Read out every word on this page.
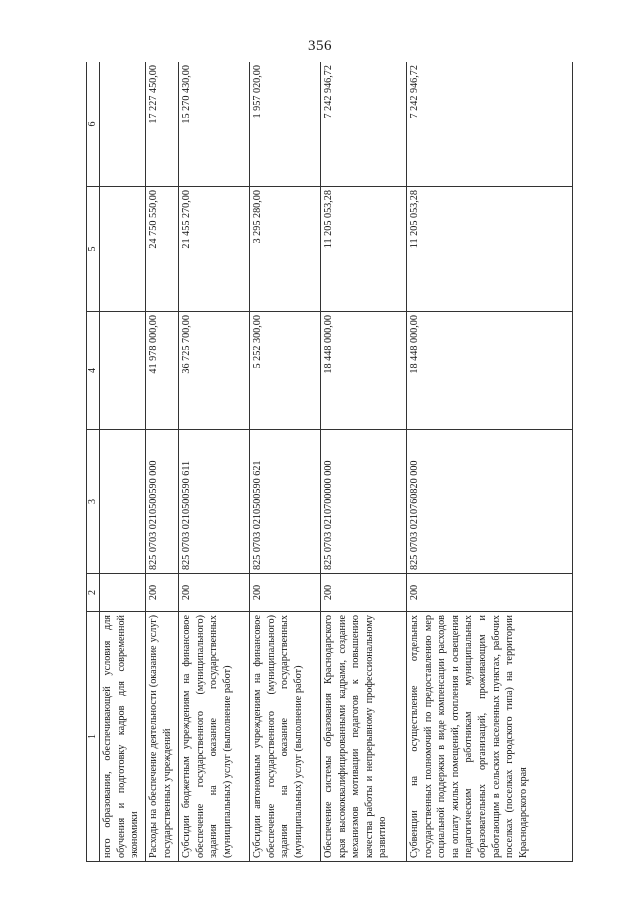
356
1	2	3	4	5	6
ного образования, обеспечивающей условия для обучения и подготовку кадров для современной экономики					
Расходы на обеспечение деятельности (оказание услуг) государственных учреждений	200	825 0703 0210500590 000	41 978 000,00	24 750 550,00	17 227 450,00
Субсидии бюджетным учреждениям на финансовое обеспечение государственного (муниципального) задания на оказание государственных (муниципальных) услуг (выполнение работ)	200	825 0703 0210500590 611	36 725 700,00	21 455 270,00	15 270 430,00
Субсидии автономным учреждениям на финансовое обеспечение государственного (муниципального) задания на оказание государственных (муниципальных) услуг (выполнение работ)	200	825 0703 0210500590 621	5 252 300,00	3 295 280,00	1 957 020,00
Обеспечение системы образования Краснодарского края высококвалифицированными кадрами, создание механизмов мотивации педагогов к повышению качества работы и непрерывному профессиональному развитию	200	825 0703 0210700000 000	18 448 000,00	11 205 053,28	7 242 946,72
Субвенции на осуществление отдельных государственных полномочий по предоставлению мер социальной поддержки в виде компенсации расходов на оплату жилых помещений, отопления и освещения педагогическим работникам муниципальных образовательных организаций, проживающим и работающим в сельских населенных пунктах, рабочих поселках (поселках городского типа) на территории Краснодарского края	200	825 0703 0210760820 000	18 448 000,00	11 205 053,28	7 242 946,72
